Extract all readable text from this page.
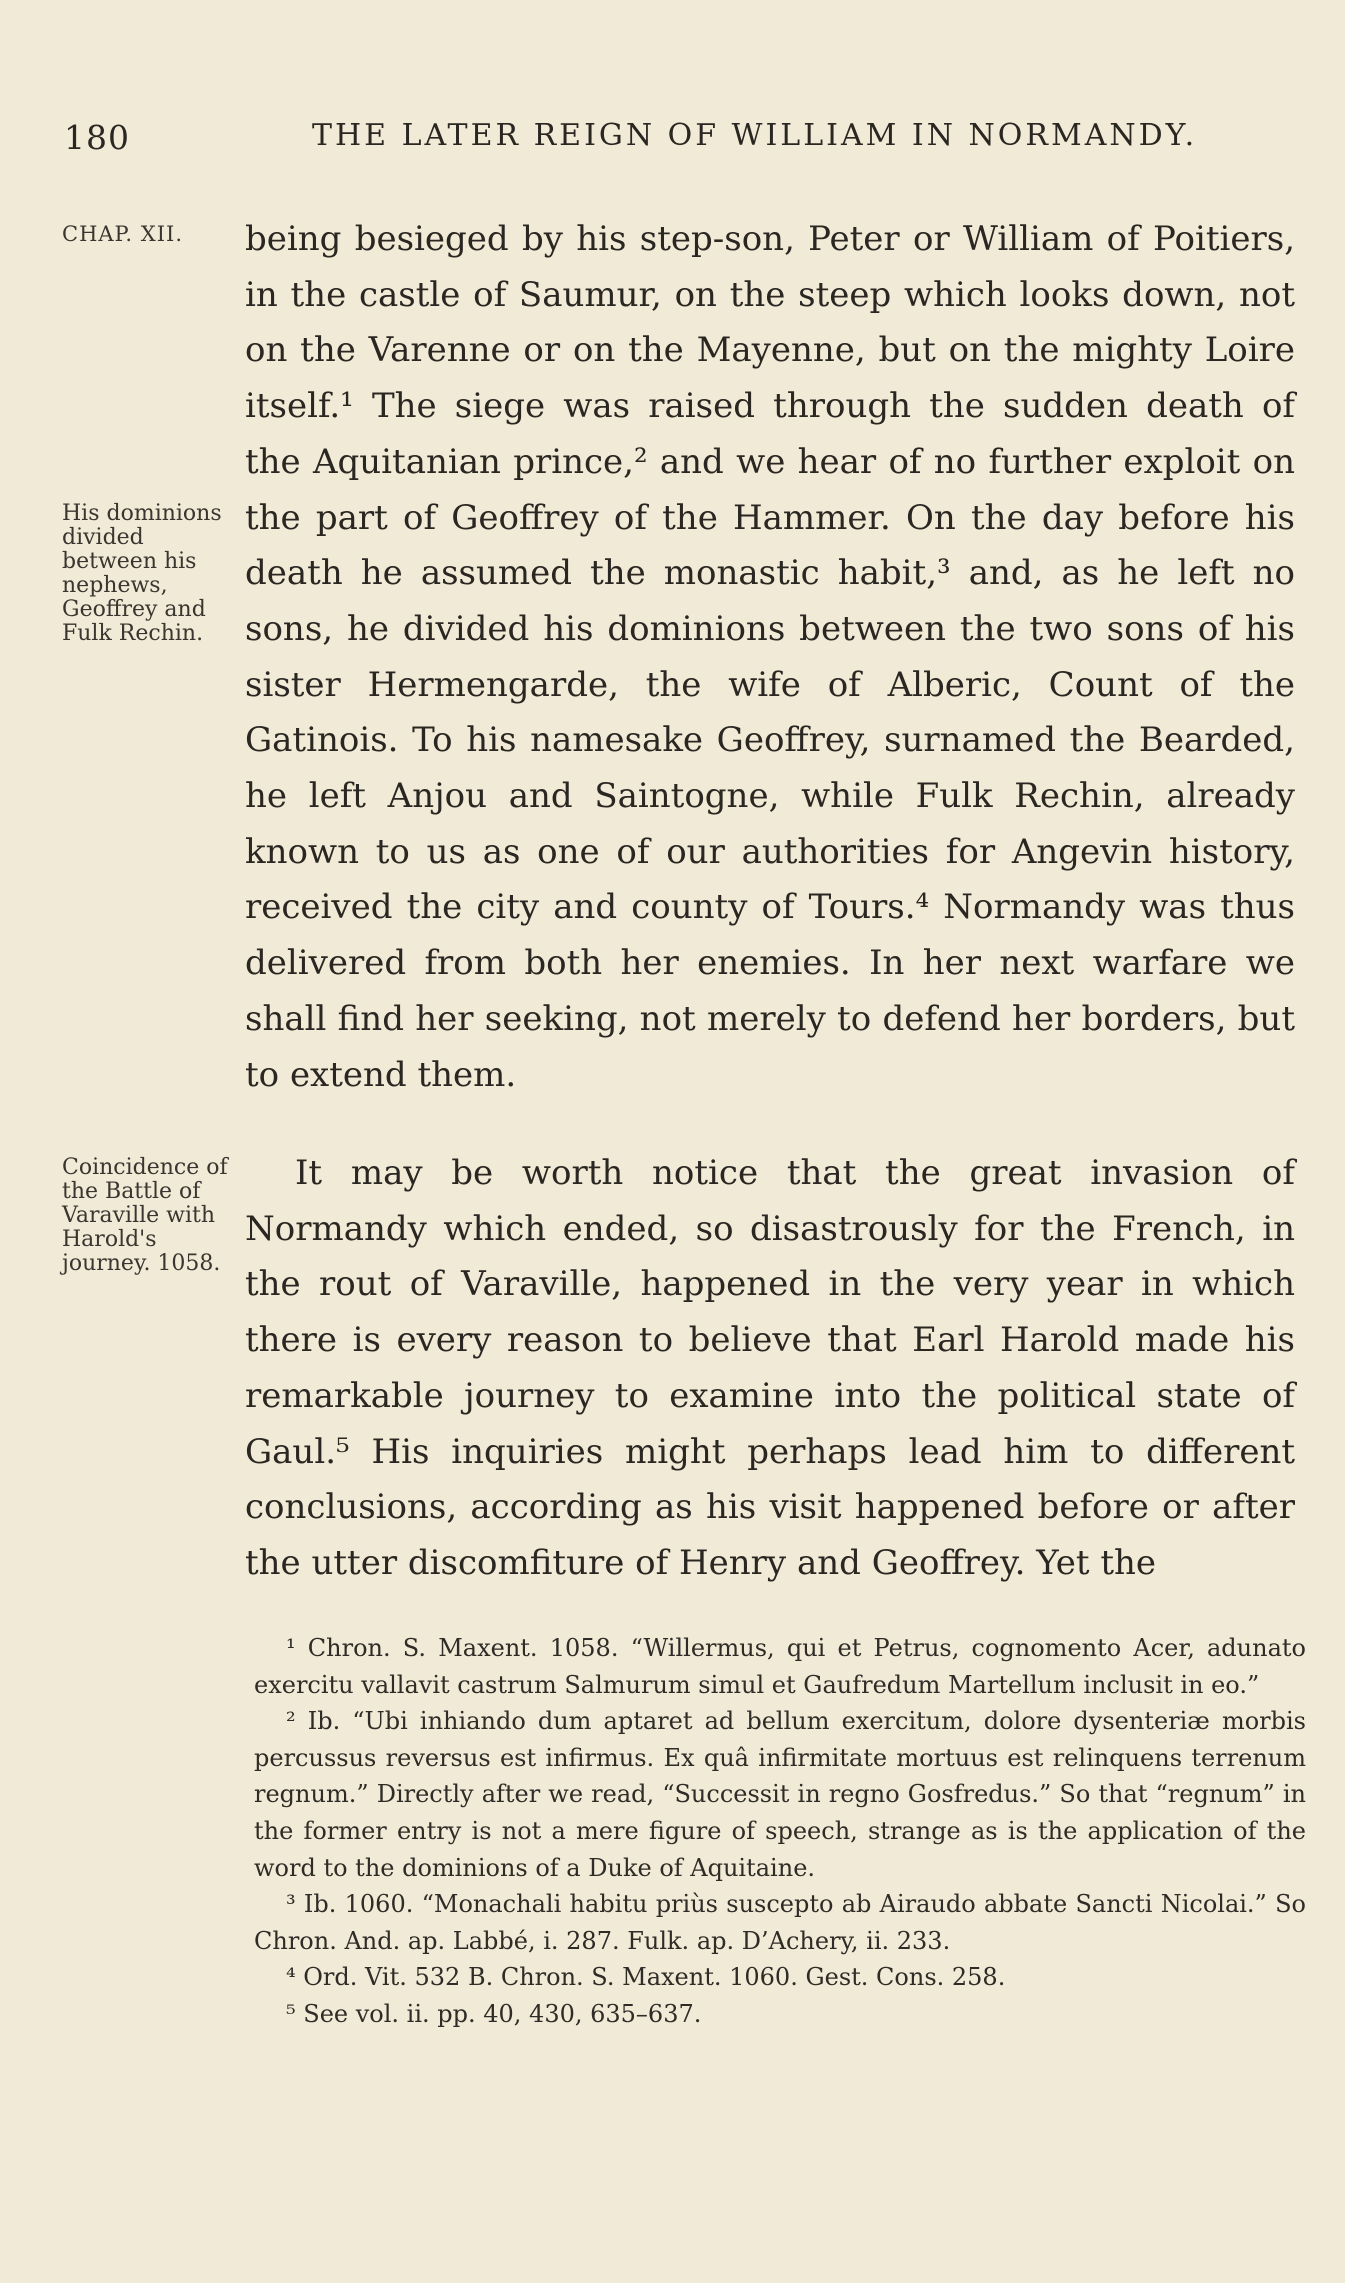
180	THE LATER REIGN OF WILLIAM IN NORMANDY.
CHAP. XII.
His dominions divided between his nephews, Geoffrey and Fulk Rechin.

being besieged by his step-son, Peter or William of Poitiers, in the castle of Saumur, on the steep which looks down, not on the Varenne or on the Mayenne, but on the mighty Loire itself.¹ The siege was raised through the sudden death of the Aquitanian prince,² and we hear of no further exploit on the part of Geoffrey of the Hammer. On the day before his death he assumed the monastic habit,³ and, as he left no sons, he divided his dominions between the two sons of his sister Hermengarde, the wife of Alberic, Count of the Gatinois. To his namesake Geoffrey, surnamed the Bearded, he left Anjou and Saintogne, while Fulk Rechin, already known to us as one of our authorities for Angevin history, received the city and county of Tours.⁴ Normandy was thus delivered from both her enemies. In her next warfare we shall find her seeking, not merely to defend her borders, but to extend them.

Coincidence of the Battle of Varaville with Harold's journey. 1058.

It may be worth notice that the great invasion of Normandy which ended, so disastrously for the French, in the rout of Varaville, happened in the very year in which there is every reason to believe that Earl Harold made his remarkable journey to examine into the political state of Gaul.⁵ His inquiries might perhaps lead him to different conclusions, according as his visit happened before or after the utter discomfiture of Henry and Geoffrey. Yet the

¹ Chron. S. Maxent. 1058. “Willermus, qui et Petrus, cognomento Acer, adunato exercitu vallavit castrum Salmurum simul et Gaufredum Martellum inclusit in eo.”

² Ib. “Ubi inhiando dum aptaret ad bellum exercitum, dolore dysenteriæ morbis percussus reversus est infirmus. Ex quâ infirmitate mortuus est relinquens terrenum regnum.” Directly after we read, “Successit in regno Gosfredus.” So that “regnum” in the former entry is not a mere figure of speech, strange as is the application of the word to the dominions of a Duke of Aquitaine.

³ Ib. 1060. “Monachali habitu priùs suscepto ab Airaudo abbate Sancti Nicolai.” So Chron. And. ap. Labbé, i. 287. Fulk. ap. D’Achery, ii. 233.

⁴ Ord. Vit. 532 B. Chron. S. Maxent. 1060. Gest. Cons. 258.

⁵ See vol. ii. pp. 40, 430, 635–637.
